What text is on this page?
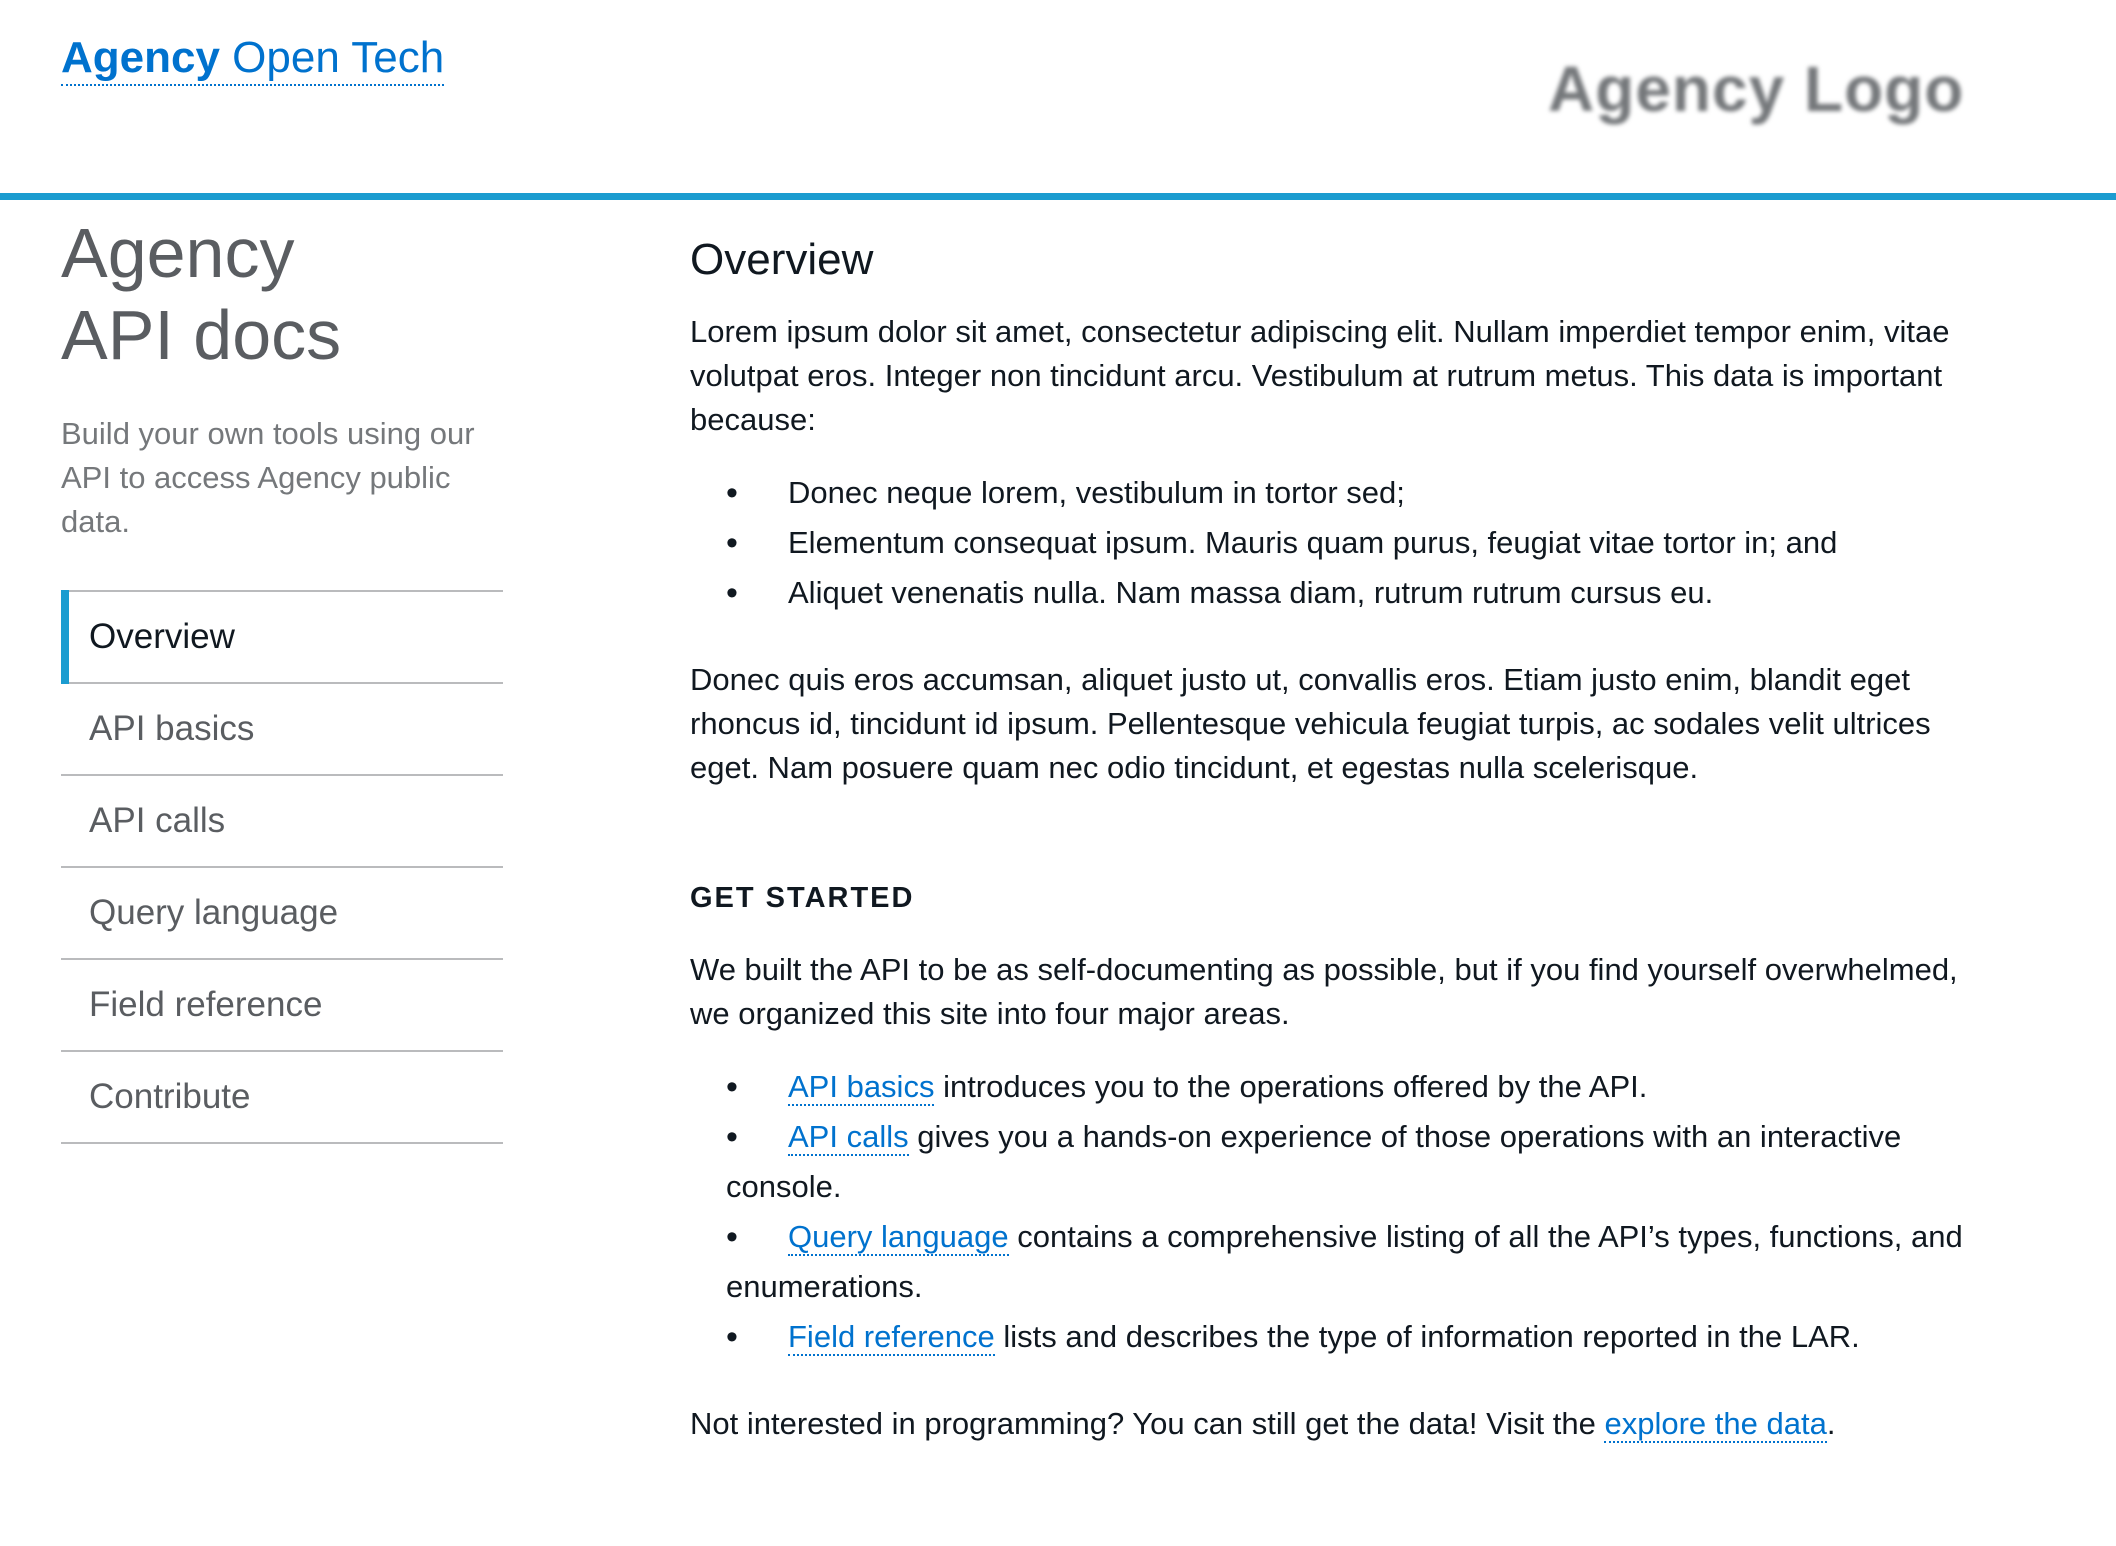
Agency Open Tech	Agency Logo
Agency
API docs
Build your own tools using our API to access Agency public data.
Overview
API basics
API calls
Query language
Field reference
Contribute
Overview

Lorem ipsum dolor sit amet, consectetur adipiscing elit. Nullam imperdiet tempor enim, vitae volutpat eros. Integer non tincidunt arcu. Vestibulum at rutrum metus. This data is important because:

• Donec neque lorem, vestibulum in tortor sed;
• Elementum consequat ipsum. Mauris quam purus, feugiat vitae tortor in; and
• Aliquet venenatis nulla. Nam massa diam, rutrum rutrum cursus eu.

Donec quis eros accumsan, aliquet justo ut, convallis eros. Etiam justo enim, blandit eget rhoncus id, tincidunt id ipsum. Pellentesque vehicula feugiat turpis, ac sodales velit ultrices eget. Nam posuere quam nec odio tincidunt, et egestas nulla scelerisque.

GET STARTED

We built the API to be as self-documenting as possible, but if you find yourself overwhelmed, we organized this site into four major areas.

• API basics introduces you to the operations offered by the API.
• API calls gives you a hands-on experience of those operations with an interactive console.
• Query language contains a comprehensive listing of all the API’s types, functions, and enumerations.
• Field reference lists and describes the type of information reported in the LAR.

Not interested in programming? You can still get the data! Visit the explore the data.
